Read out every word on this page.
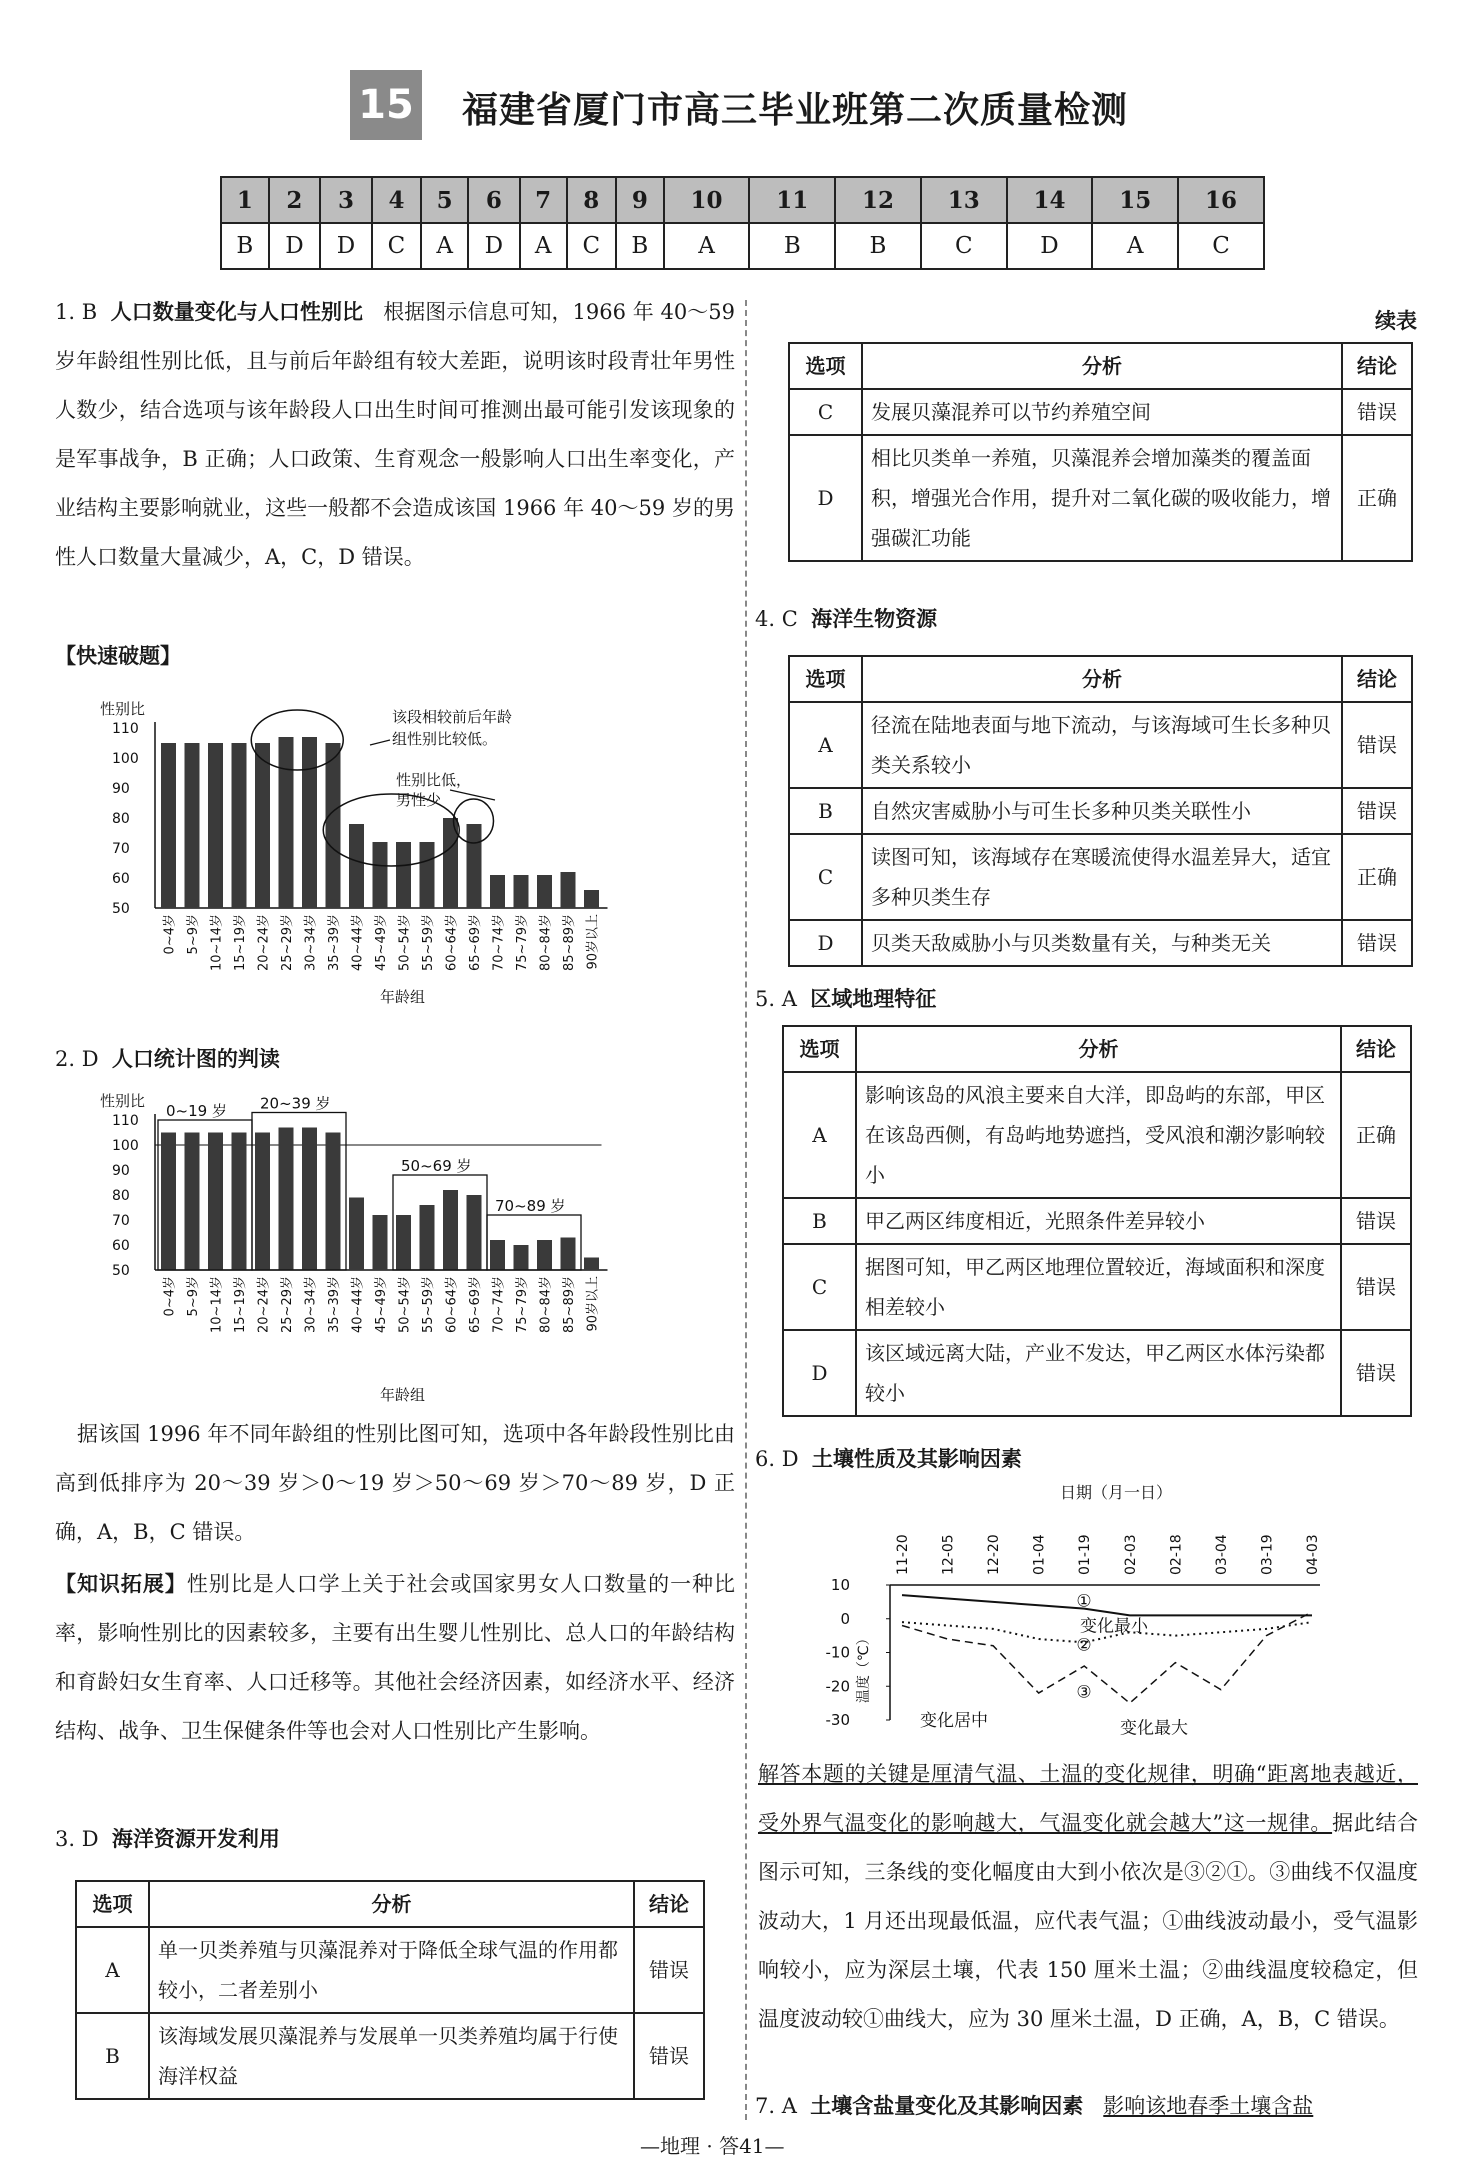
15 福建省厦门市高三毕业班第二次质量检测
1	2	3	4	5	6	7	8	9	10	11	12	13	14	15	16
B	D	D	C	A	D	A	C	B	A	B	B	C	D	A	C
1. B 人口数量变化与人口性别比 根据图示信息可知，1966 年 40～59 岁年龄组性别比低，且与前后年龄组有较大差距，说明该时段青壮年男性人数少，结合选项与该年龄段人口出生时间可推测出最可能引发该现象的是军事战争，B 正确；人口政策、生育观念一般影响人口出生率变化，产业结构主要影响就业，这些一般都不会造成该国 1966 年 40～59 岁的男性人口数量大量减少，A，C，D 错误。
【快速破题】
性别比
50
60
70
80
90
100
110
0~4岁 5~9岁 10~14岁 15~19岁 20~24岁 25~29岁 30~34岁 35~39岁 40~44岁 45~49岁 50~54岁 55~59岁 60~64岁 65~69岁 70~74岁 75~79岁 80~84岁 85~89岁 90岁以上
年龄组
该段相较前后年龄组性别比较低。
性别比低，男性少
2. D 人口统计图的判读
性别比
50
60
70
80
90
100
110
0~4岁 5~9岁 10~14岁 15~19岁 20~24岁 25~29岁 30~34岁 35~39岁 40~44岁 45~49岁 50~54岁 55~59岁 60~64岁 65~69岁 70~74岁 75~79岁 80~84岁 85~89岁 90岁以上
年龄组
0~19 岁 20~39 岁
50~69 岁
70~89 岁
据该国 1996 年不同年龄组的性别比图可知，选项中各年龄段性别比由高到低排序为 20～39 岁＞0～19 岁＞50～69 岁＞70～89 岁，D 正确，A，B，C 错误。
【知识拓展】性别比是人口学上关于社会或国家男女人口数量的一种比率，影响性别比的因素较多，主要有出生婴儿性别比、总人口的年龄结构和育龄妇女生育率、人口迁移等。其他社会经济因素，如经济水平、经济结构、战争、卫生保健条件等也会对人口性别比产生影响。
3. D 海洋资源开发利用
选项	分析	结论
A	单一贝类养殖与贝藻混养对于降低全球气温的作用都较小，二者差别小	错误
B	该海域发展贝藻混养与发展单一贝类养殖均属于行使海洋权益	错误
续表
选项	分析	结论
C	发展贝藻混养可以节约养殖空间	错误
D	相比贝类单一养殖，贝藻混养会增加藻类的覆盖面积，增强光合作用，提升对二氧化碳的吸收能力，增强碳汇功能	正确
4. C 海洋生物资源
选项	分析	结论
A	径流在陆地表面与地下流动，与该海域可生长多种贝类关系较小	错误
B	自然灾害威胁小与可生长多种贝类关联性小	错误
C	读图可知，该海域存在寒暖流使得水温差异大，适宜多种贝类生存	正确
D	贝类天敌威胁小与贝类数量有关，与种类无关	错误
5. A 区域地理特征
选项	分析	结论
A	影响该岛的风浪主要来自大洋，即岛屿的东部，甲区在该岛西侧，有岛屿地势遮挡，受风浪和潮汐影响较小	正确
B	甲乙两区纬度相近，光照条件差异较小	错误
C	据图可知，甲乙两区地理位置较近，海域面积和深度相差较小	错误
D	该区域远离大陆，产业不发达，甲乙两区水体污染都较小	错误
6. D 土壤性质及其影响因素
日期（月一日）
11-20 12-05 12-20 01-04 01-19 02-03 02-18 03-04 03-19 04-03
10
0
-10
-20
-30
温度（℃）
①
②
③
变化最小
变化居中	变化最大
解答本题的关键是厘清气温、土温的变化规律，明确“距离地表越近，受外界气温变化的影响越大，气温变化就会越大”这一规律。据此结合图示可知，三条线的变化幅度由大到小依次是③②①。③曲线不仅温度波动大，1 月还出现最低温，应代表气温；①曲线波动最小，受气温影响较小，应为深层土壤，代表 150 厘米土温；②曲线温度较稳定，但温度波动较①曲线大，应为 30 厘米土温，D 正确，A，B，C 错误。
7. A 土壤含盐量变化及其影响因素 影响该地春季土壤含盐
—地理 · 答41—
